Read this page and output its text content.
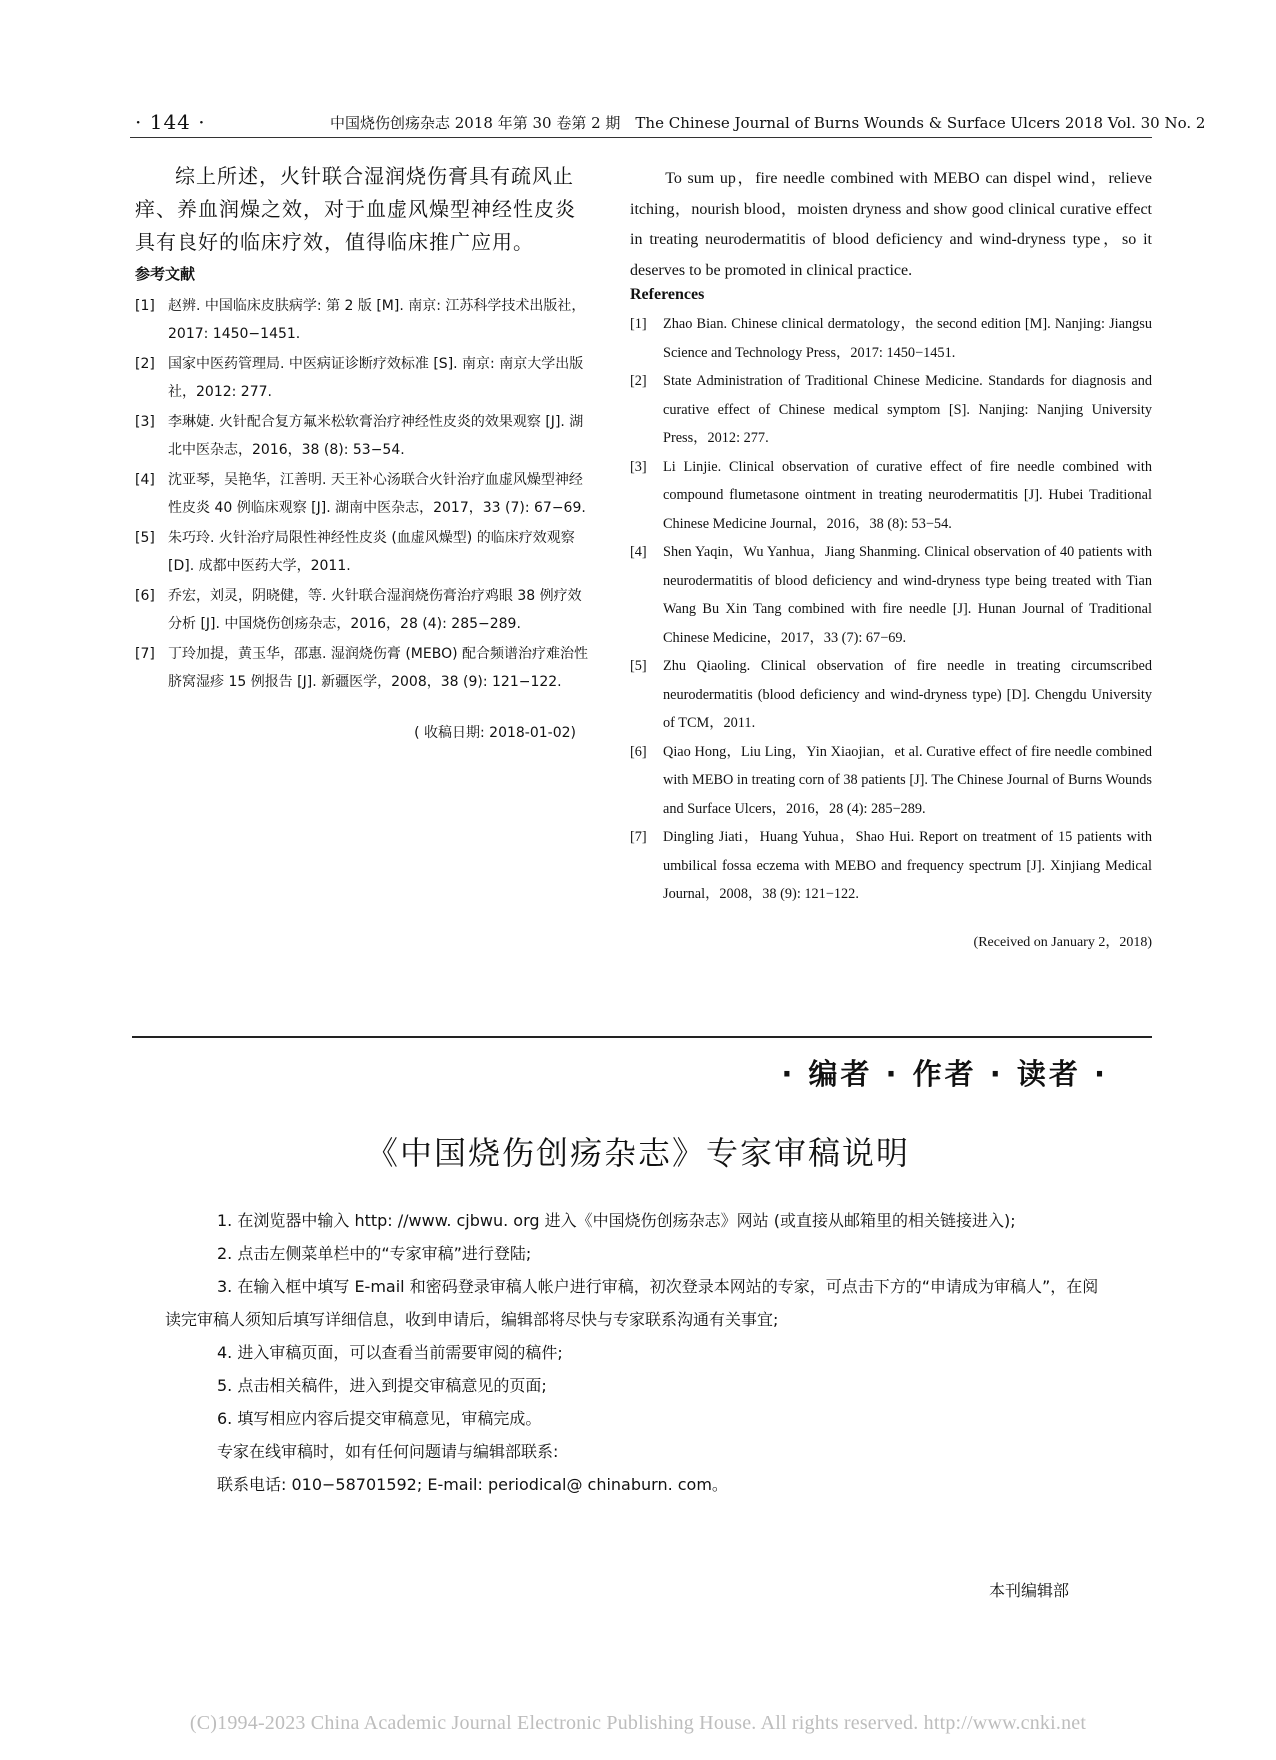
· 144 ·	中国烧伤创疡杂志 2018 年第 30 卷第 2 期　The Chinese Journal of Burns Wounds & Surface Ulcers 2018 Vol. 30 No. 2

综上所述，火针联合湿润烧伤膏具有疏风止痒、养血润燥之效，对于血虚风燥型神经性皮炎具有良好的临床疗效，值得临床推广应用。

参考文献

[1] 赵辨. 中国临床皮肤病学: 第 2 版 [M]. 南京: 江苏科学技术出版社，2017: 1450−1451.

[2] 国家中医药管理局. 中医病证诊断疗效标准 [S]. 南京: 南京大学出版社，2012: 277.

[3] 李琳婕. 火针配合复方氟米松软膏治疗神经性皮炎的效果观察 [J]. 湖北中医杂志，2016，38 (8): 53−54.

[4] 沈亚琴，吴艳华，江善明. 天王补心汤联合火针治疗血虚风燥型神经性皮炎 40 例临床观察 [J]. 湖南中医杂志，2017，33 (7): 67−69.

[5] 朱巧玲. 火针治疗局限性神经性皮炎 (血虚风燥型) 的临床疗效观察 [D]. 成都中医药大学，2011.

[6] 乔宏，刘灵，阴晓健，等. 火针联合湿润烧伤膏治疗鸡眼 38 例疗效分析 [J]. 中国烧伤创疡杂志，2016，28 (4): 285−289.

[7] 丁玲加提，黄玉华，邵惠. 湿润烧伤膏 (MEBO) 配合频谱治疗难治性脐窝湿疹 15 例报告 [J]. 新疆医学，2008，38 (9): 121−122.

( 收稿日期: 2018-01-02)

To sum up，fire needle combined with MEBO can dispel wind，relieve itching，nourish blood，moisten dryness and show good clinical curative effect in treating neurodermatitis of blood deficiency and wind-dryness type，so it deserves to be promoted in clinical practice.

References

[1] Zhao Bian. Chinese clinical dermatology，the second edition [M]. Nanjing: Jiangsu Science and Technology Press，2017: 1450−1451.

[2] State Administration of Traditional Chinese Medicine. Standards for diagnosis and curative effect of Chinese medical symptom [S]. Nanjing: Nanjing University Press，2012: 277.

[3] Li Linjie. Clinical observation of curative effect of fire needle combined with compound flumetasone ointment in treating neurodermatitis [J]. Hubei Traditional Chinese Medicine Journal，2016，38 (8): 53−54.

[4] Shen Yaqin，Wu Yanhua，Jiang Shanming. Clinical observation of 40 patients with neurodermatitis of blood deficiency and wind-dryness type being treated with Tian Wang Bu Xin Tang combined with fire needle [J]. Hunan Journal of Traditional Chinese Medicine，2017，33 (7): 67−69.

[5] Zhu Qiaoling. Clinical observation of fire needle in treating circumscribed neurodermatitis (blood deficiency and wind-dryness type) [D]. Chengdu University of TCM，2011.

[6] Qiao Hong，Liu Ling，Yin Xiaojian，et al. Curative effect of fire needle combined with MEBO in treating corn of 38 patients [J]. The Chinese Journal of Burns Wounds and Surface Ulcers，2016，28 (4): 285−289.

[7] Dingling Jiati，Huang Yuhua，Shao Hui. Report on treatment of 15 patients with umbilical fossa eczema with MEBO and frequency spectrum [J]. Xinjiang Medical Journal，2008，38 (9): 121−122.

(Received on January 2，2018)
· 编者 · 作者 · 读者 ·
《中国烧伤创疡杂志》专家审稿说明

1. 在浏览器中输入 http: //www. cjbwu. org 进入《中国烧伤创疡杂志》网站 (或直接从邮箱里的相关链接进入);

2. 点击左侧菜单栏中的“专家审稿”进行登陆;

3. 在输入框中填写 E-mail 和密码登录审稿人帐户进行审稿，初次登录本网站的专家，可点击下方的“申请成为审稿人”，在阅读完审稿人须知后填写详细信息，收到申请后，编辑部将尽快与专家联系沟通有关事宜;

4. 进入审稿页面，可以查看当前需要审阅的稿件;

5. 点击相关稿件，进入到提交审稿意见的页面;

6. 填写相应内容后提交审稿意见，审稿完成。

专家在线审稿时，如有任何问题请与编辑部联系:

联系电话: 010−58701592; E-mail: periodical@ chinaburn. com。

本刊编辑部
(C)1994-2023 China Academic Journal Electronic Publishing House. All rights reserved. http://www.cnki.net
